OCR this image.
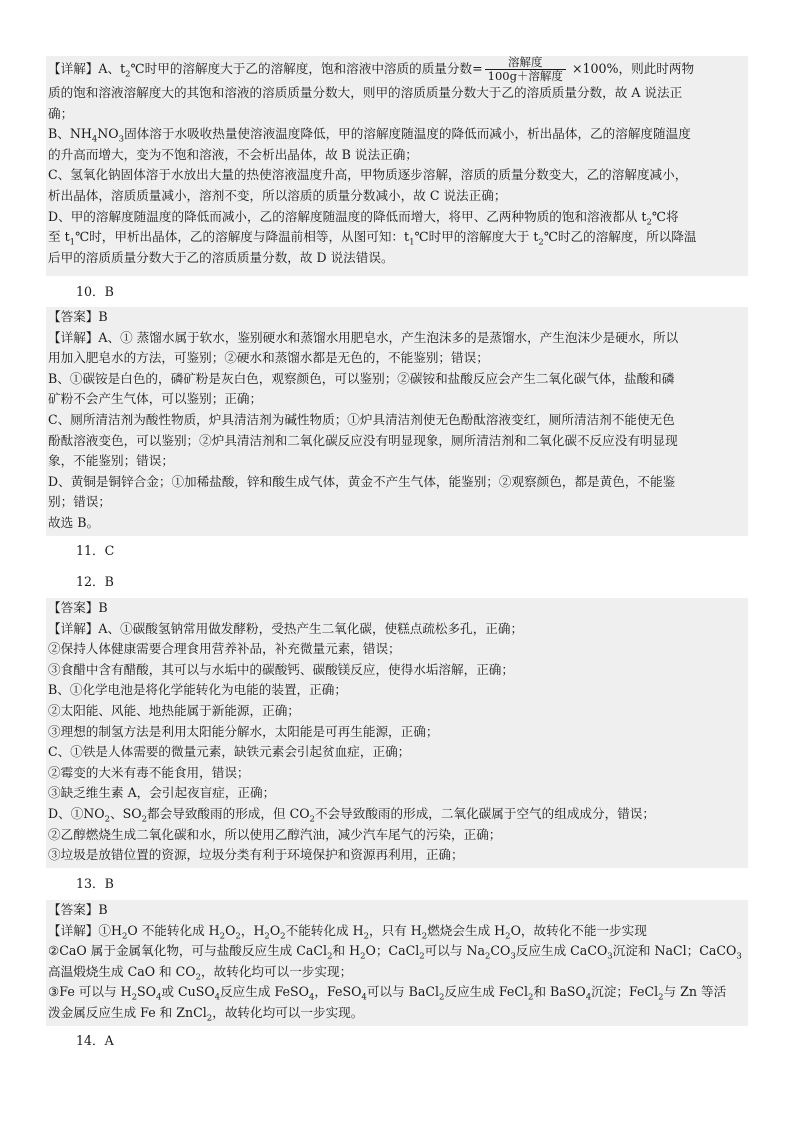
【详解】A、$t_2℃$时甲的溶解度大于乙的溶解度，饱和溶液中溶质的质量分数= $\frac{\text{溶解度}}{\text{100g＋溶解度}} \times 100\%$，则此时两物

质的饱和溶液溶解度大的其饱和溶液的溶质质量分数大，则甲的溶质质量分数大于乙的溶质质量分数，故 A 说法正

确；

B、$NH_4NO_3$固体溶于水吸收热量使溶液温度降低，甲的溶解度随温度的降低而减小，析出晶体，乙的溶解度随温度

的升高而增大，变为不饱和溶液，不会析出晶体，故 B 说法正确；

C、氢氧化钠固体溶于水放出大量的热使溶液温度升高，甲物质逐步溶解，溶质的质量分数变大，乙的溶解度减小，

析出晶体，溶质质量减小，溶剂不变，所以溶质的质量分数减小，故 C 说法正确；

D、甲的溶解度随温度的降低而减小，乙的溶解度随温度的降低而增大，将甲、乙两种物质的饱和溶液都从 $t_2℃$将

至 $t_1℃$时，甲析出晶体，乙的溶解度与降温前相等，从图可知：$t_1℃$时甲的溶解度大于 $t_2℃$时乙的溶解度，所以降温

后甲的溶质质量分数大于乙的溶质质量分数，故 D 说法错误。

10．B

【答案】B

【详解】A、① 蒸馏水属于软水，鉴别硬水和蒸馏水用肥皂水，产生泡沫多的是蒸馏水，产生泡沫少是硬水，所以

用加入肥皂水的方法，可鉴别；②硬水和蒸馏水都是无色的，不能鉴别；错误；

B、①碳铵是白色的，磷矿粉是灰白色，观察颜色，可以鉴别；②碳铵和盐酸反应会产生二氧化碳气体，盐酸和磷

矿粉不会产生气体，可以鉴别；正确；

C、厕所清洁剂为酸性物质，炉具清洁剂为碱性物质；①炉具清洁剂使无色酚酞溶液变红，厕所清洁剂不能使无色

酚酞溶液变色，可以鉴别；②炉具清洁剂和二氧化碳反应没有明显现象，厕所清洁剂和二氧化碳不反应没有明显现

象，不能鉴别；错误；

D、黄铜是铜锌合金；①加稀盐酸，锌和酸生成气体，黄金不产生气体，能鉴别；②观察颜色，都是黄色，不能鉴

别；错误；

故选 B。

11．C

12．B

【答案】B

【详解】A、①碳酸氢钠常用做发酵粉，受热产生二氧化碳，使糕点疏松多孔，正确；

②保持人体健康需要合理食用营养补品，补充微量元素，错误；

③食醋中含有醋酸，其可以与水垢中的碳酸钙、碳酸镁反应，使得水垢溶解，正确；

B、①化学电池是将化学能转化为电能的装置，正确；

②太阳能、风能、地热能属于新能源，正确；

③理想的制氢方法是利用太阳能分解水，太阳能是可再生能源，正确；

C、①铁是人体需要的微量元素，缺铁元素会引起贫血症，正确；

②霉变的大米有毒不能食用，错误；

③缺乏维生素 A，会引起夜盲症，正确；

D、$①NO_2$、$SO_2$都会导致酸雨的形成，但 $CO_2$不会导致酸雨的形成，二氧化碳属于空气的组成成分，错误；

②乙醇燃烧生成二氧化碳和水，所以使用乙醇汽油，减少汽车尾气的污染，正确；

③垃圾是放错位置的资源，垃圾分类有利于环境保护和资源再利用，正确；

13．B

【答案】B

【详解】$①H_2O$ 不能转化成 $H_2O_2$，$H_2O_2$不能转化成 $H_2$，只有 $H_2$燃烧会生成 $H_2O$，故转化不能一步实现

②CaO 属于金属氧化物，可与盐酸反应生成 CaCl$_2$和 $H_2O$；CaCl$_2$可以与 $Na_2CO_3$反应生成 CaCO$_3$沉淀和 NaCl；CaCO$_3$

高温煅烧生成 CaO 和 $CO_2$，故转化均可以一步实现；

③Fe 可以与 $H_2SO_4$或 CuSO$_4$反应生成 FeSO$_4$，FeSO$_4$可以与 BaCl$_2$反应生成 FeCl$_2$和 BaSO$_4$沉淀；FeCl$_2$与 Zn 等活

泼金属反应生成 Fe 和 ZnCl$_2$，故转化均可以一步实现。

14．A
